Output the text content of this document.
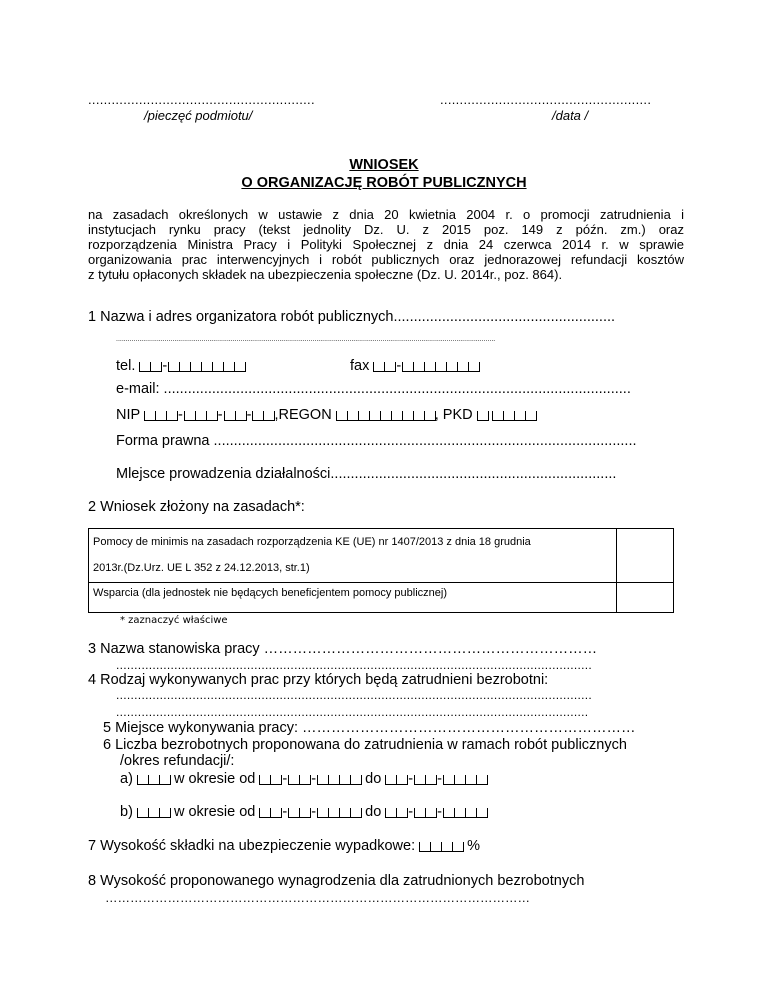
..........................................................
/pieczęć podmiotu/
......................................................
/data /
WNIOSEK
O ORGANIZACJĘ ROBÓT PUBLICZNYCH
na zasadach określonych w ustawie z dnia 20 kwietnia 2004 r. o promocji zatrudnienia i
instytucjach rynku pracy (tekst jednolity Dz. U. z 2015 poz. 149 z późn. zm.) oraz
rozporządzenia Ministra Pracy i Polityki Społecznej z dnia 24 czerwca 2014 r. w sprawie
organizowania prac interwencyjnych i robót publicznych oraz jednorazowej refundacji kosztów
z tytułu opłaconych składek na ubezpieczenia społeczne (Dz. U. 2014r., poz. 864).
1 Nazwa i adres organizatora robót publicznych.......................................................
...................................................................................................................................................................................................
tel. -	fax -
e-mail: ....................................................................................................................
NIP	- - - ,REGON	, PKD
Forma prawna .........................................................................................................
Mlejsce prowadzenia działalności.......................................................................
2 Wniosek złożony na zasadach*:
Pomocy de minimis na zasadach rozporządzenia KE (UE) nr 1407/2013 z dnia 18 grudnia
2013r.(Dz.Urz. UE L 352 z 24.12.2013, str.1)	

Wsparcia (dla jednostek nie będących beneficjentem pomocy publicznej)	
* zaznaczyć właściwe
3 Nazwa stanowiska pracy ……………………………………………………………
...................................................................................................................................
4 Rodzaj wykonywanych prac przy których będą zatrudnieni bezrobotni:
...................................................................................................................................
..................................................................................................................................
5 Miejsce wykonywania pracy: ……………………………………………………………
6 Liczba bezrobotnych proponowana do zatrudnienia w ramach robót publicznych
/okres refundacji/:
a)	w okresie od - -	do - -
b)	w okresie od - -	do - -
7 Wysokość składki na ubezpieczenie wypadkowe:	%
8 Wysokość proponowanego wynagrodzenia dla zatrudnionych bezrobotnych
…………………………………………………………………………………………
